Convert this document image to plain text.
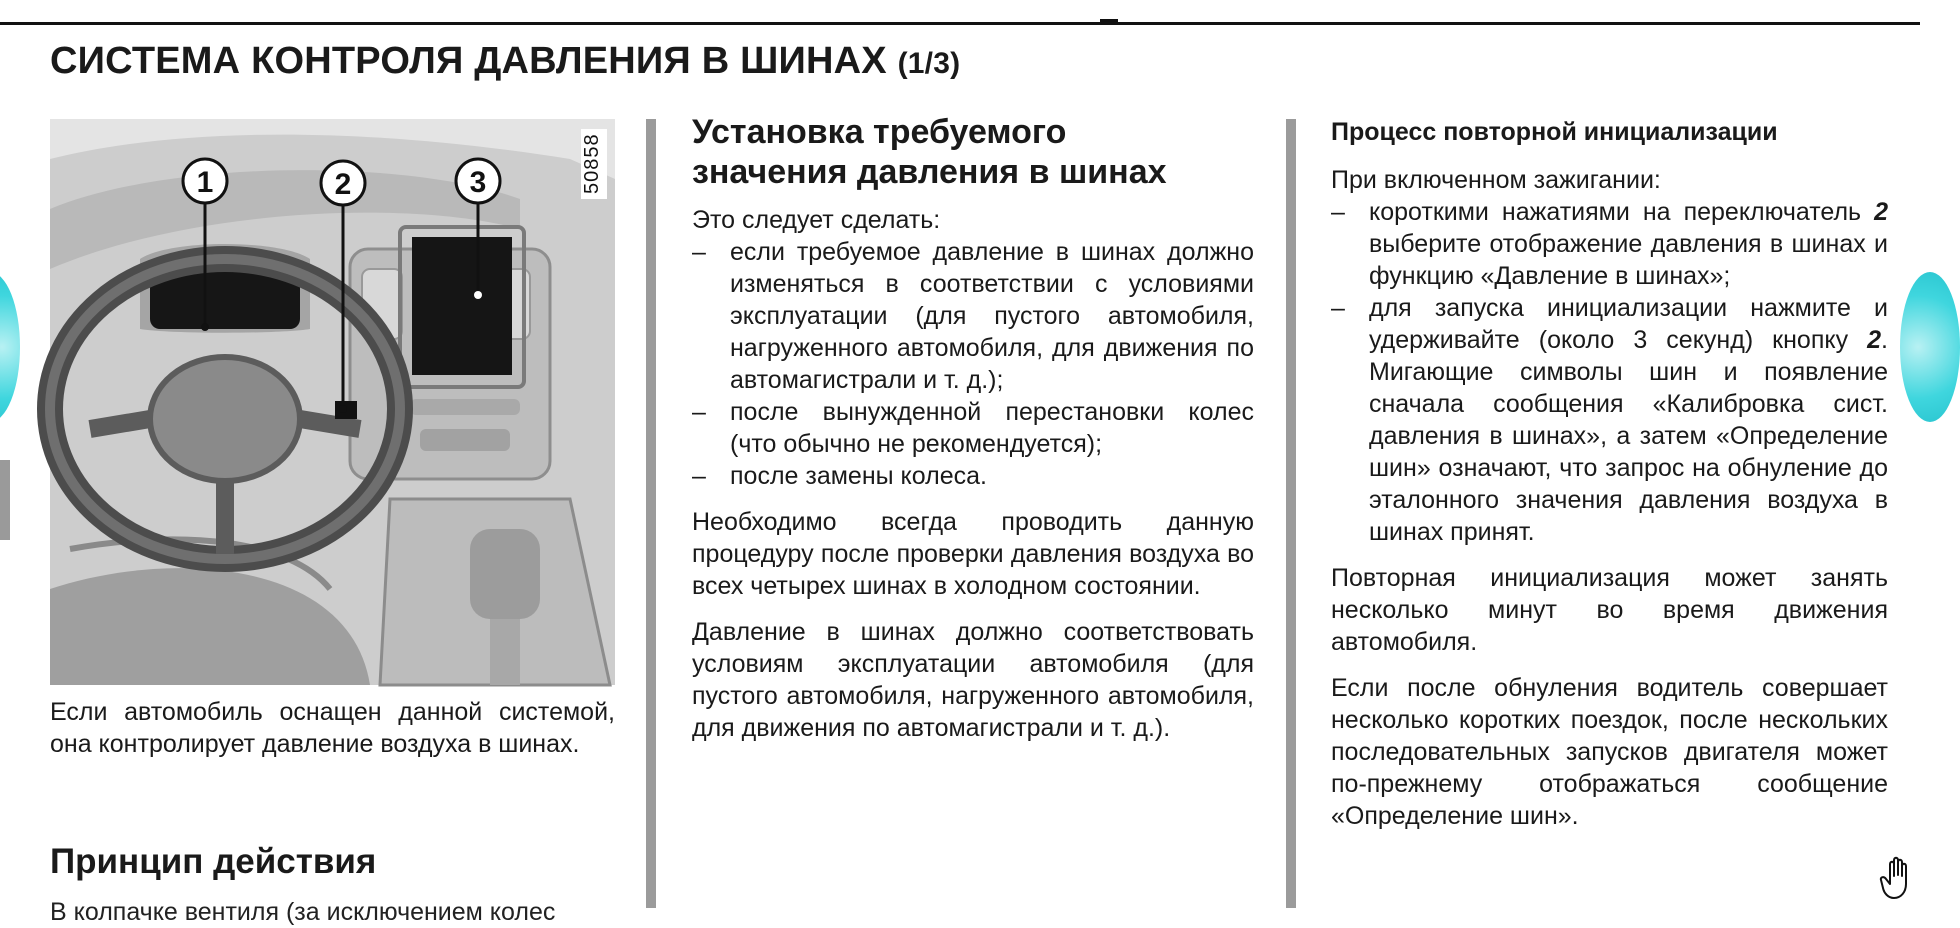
СИСТЕМА КОНТРОЛЯ ДАВЛЕНИЯ В ШИНАХ (1/3)
1	2	3	50858

Если автомобиль оснащен данной системой, она контролирует давление воздуха в шинах.

Принцип действия
В колпачке вентиля (за исключением колес
Установка требуемого
значения давления в шинах

Это следует сделать:

– если требуемое давление в шинах должно изменяться в соответствии с условиями эксплуатации (для пустого автомобиля, нагруженного автомобиля, для движения по автомагистрали и т. д.);
– после вынужденной перестановки колес (что обычно не рекомендуется);
– после замены колеса.

Необходимо всегда проводить данную процедуру после проверки давления воздуха во всех четырех шинах в холодном состоянии.

Давление в шинах должно соответствовать условиям эксплуатации автомобиля (для пустого автомобиля, нагруженного автомобиля, для движения по автомагистрали и т. д.).

Процесс повторной инициализации

При включенном зажигании:

– короткими нажатиями на переключатель 2 выберите отображение давления в шинах и функцию «Давление в шинах»;
– для запуска инициализации нажмите и удерживайте (около 3 секунд) кнопку 2. Мигающие символы шин и появление сначала сообщения «Калибровка сист. давления в шинах», а затем «Определение шин» означают, что запрос на обнуление до эталонного значения давления воздуха в шинах принят.

Повторная инициализация может занять несколько минут во время движения автомобиля.

Если после обнуления водитель совершает несколько коротких поездок, после нескольких последовательных запусков двигателя может по-прежнему отображаться сообщение «Определение шин».
